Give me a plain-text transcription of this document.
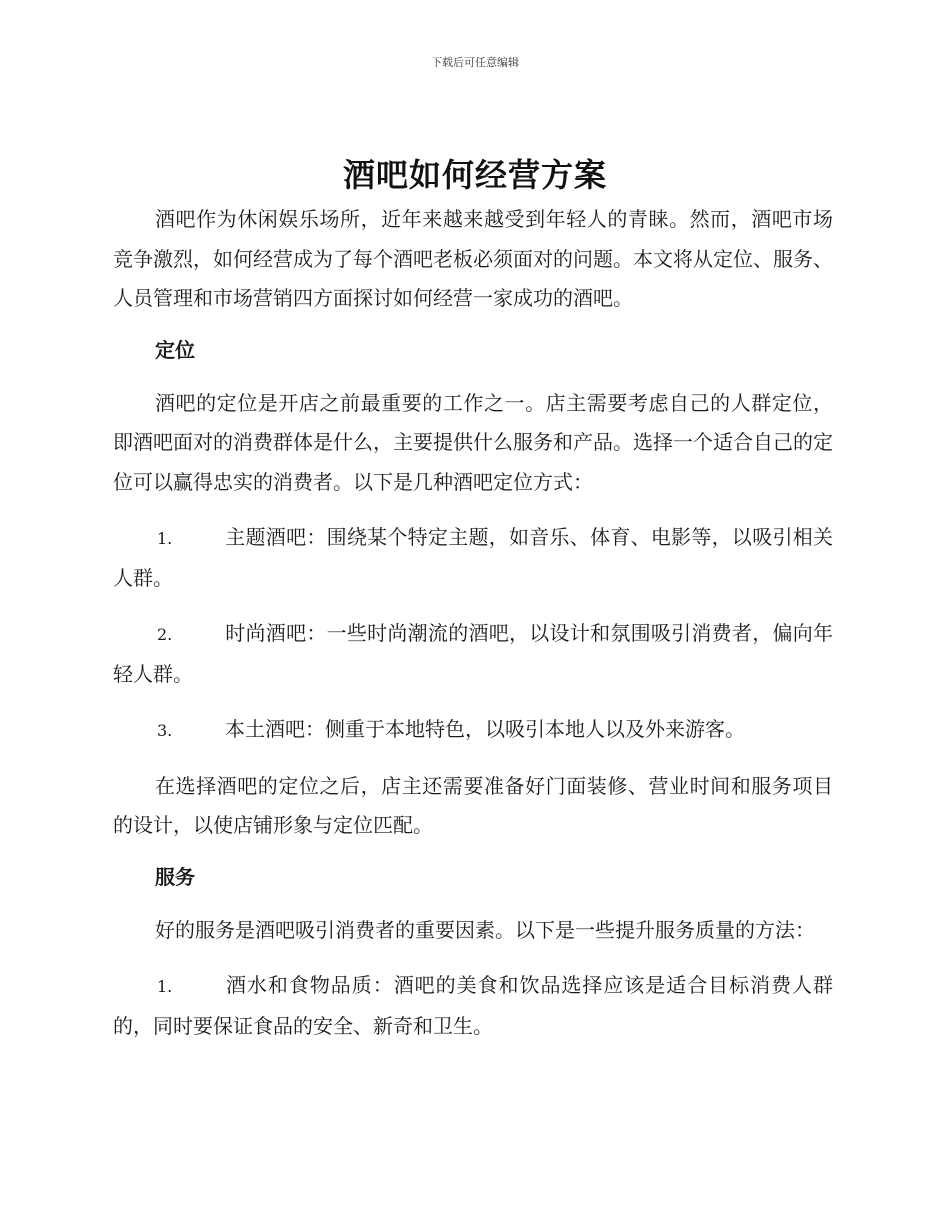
下载后可任意编辑
酒吧如何经营方案

酒吧作为休闲娱乐场所，近年来越来越受到年轻人的青睐。然而，酒吧市场竞争激烈，如何经营成为了每个酒吧老板必须面对的问题。本文将从定位、服务、人员管理和市场营销四方面探讨如何经营一家成功的酒吧。

定位

酒吧的定位是开店之前最重要的工作之一。店主需要考虑自己的人群定位，即酒吧面对的消费群体是什么，主要提供什么服务和产品。选择一个适合自己的定位可以赢得忠实的消费者。以下是几种酒吧定位方式：

1.	主题酒吧：围绕某个特定主题，如音乐、体育、电影等，以吸引相关人群。

2.	时尚酒吧：一些时尚潮流的酒吧，以设计和氛围吸引消费者，偏向年轻人群。

3.	本土酒吧：侧重于本地特色，以吸引本地人以及外来游客。

在选择酒吧的定位之后，店主还需要准备好门面装修、营业时间和服务项目的设计，以使店铺形象与定位匹配。

服务

好的服务是酒吧吸引消费者的重要因素。以下是一些提升服务质量的方法：

1.	酒水和食物品质：酒吧的美食和饮品选择应该是适合目标消费人群的，同时要保证食品的安全、新奇和卫生。
